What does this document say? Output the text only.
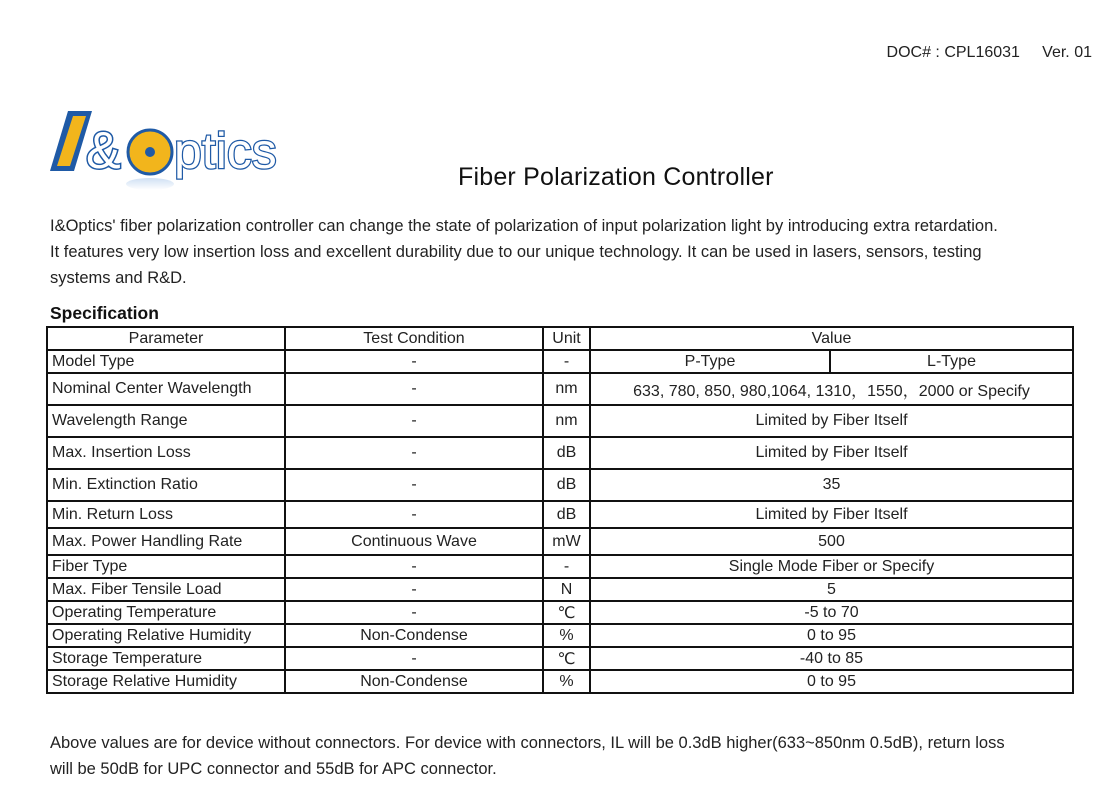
DOC# : CPL16031 Ver. 01
& ptics	Fiber Polarization Controller

I&Optics' fiber polarization controller can change the state of polarization of input polarization light by introducing extra retardation.

It features very low insertion loss and excellent durability due to our unique technology. It can be used in lasers, sensors, testing

systems and R&D.

Specification
Parameter	Test Condition	Unit	Value	
Model Type	-	-	P-Type	L-Type
Nominal Center Wavelength	-	nm	633, 780, 850, 980,1064, 1310，1550，2000 or Specify	
Wavelength Range	-	nm	Limited by Fiber Itself	
Max. Insertion Loss	-	dB	Limited by Fiber Itself	
Min. Extinction Ratio	-	dB	35	
Min. Return Loss	-	dB	Limited by Fiber Itself	
Max. Power Handling Rate	Continuous Wave	mW	500	
Fiber Type	-	-	Single Mode Fiber or Specify	
Max. Fiber Tensile Load	-	N	5	
Operating Temperature	-	℃	-5 to 70	
Operating Relative Humidity	Non-Condense	%	0 to 95	
Storage Temperature	-	℃	-40 to 85	
Storage Relative Humidity	Non-Condense	%	0 to 95	

Above values are for device without connectors. For device with connectors, IL will be 0.3dB higher(633~850nm 0.5dB), return loss

will be 50dB for UPC connector and 55dB for APC connector.
